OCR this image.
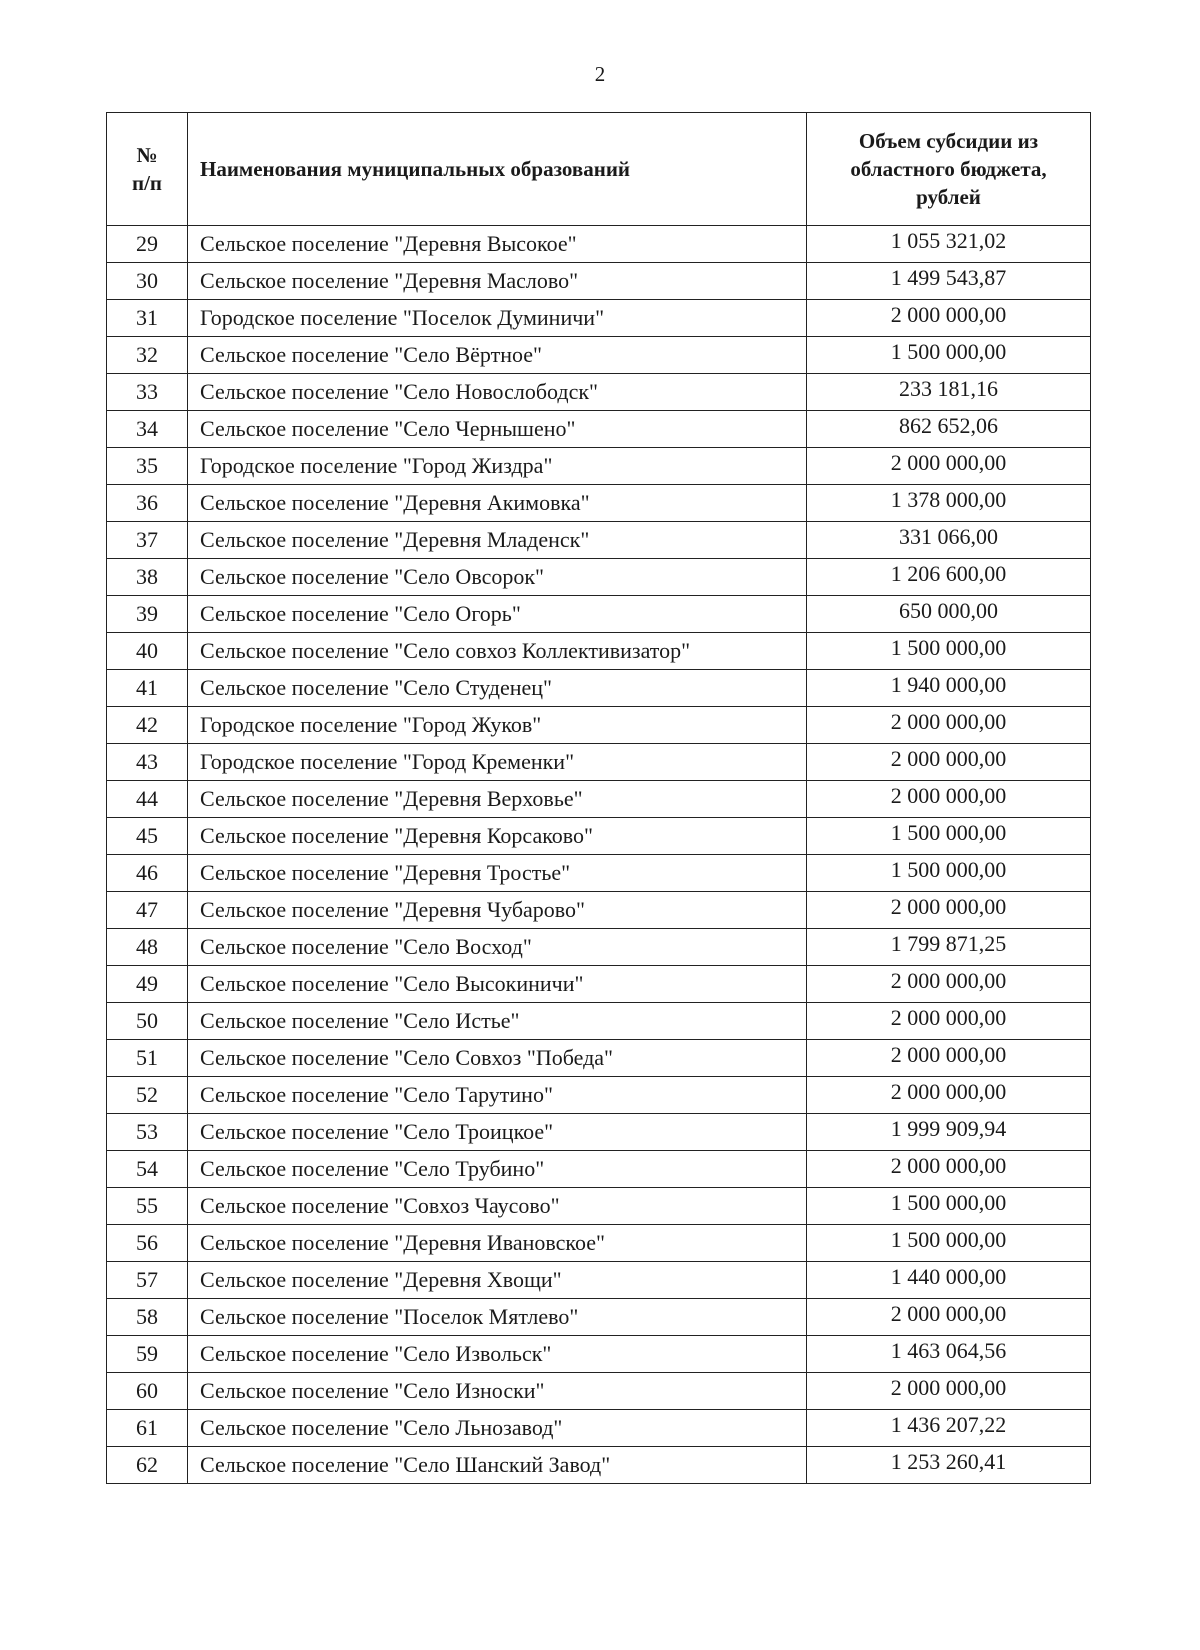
2
№
п/п	Наименования муниципальных образований	Объем субсидии из
областного бюджета,
рублей
29	Сельское поселение "Деревня Высокое"	1 055 321,02
30	Сельское поселение "Деревня Маслово"	1 499 543,87
31	Городское поселение "Поселок Думиничи"	2 000 000,00
32	Сельское поселение "Село Вёртное"	1 500 000,00
33	Сельское поселение "Село Новослободск"	233 181,16
34	Сельское поселение "Село Чернышено"	862 652,06
35	Городское поселение "Город Жиздра"	2 000 000,00
36	Сельское поселение "Деревня Акимовка"	1 378 000,00
37	Сельское поселение "Деревня Младенск"	331 066,00
38	Сельское поселение "Село Овсорок"	1 206 600,00
39	Сельское поселение "Село Огорь"	650 000,00
40	Сельское поселение "Село совхоз Коллективизатор"	1 500 000,00
41	Сельское поселение "Село Студенец"	1 940 000,00
42	Городское поселение "Город Жуков"	2 000 000,00
43	Городское поселение "Город Кременки"	2 000 000,00
44	Сельское поселение "Деревня Верховье"	2 000 000,00
45	Сельское поселение "Деревня Корсаково"	1 500 000,00
46	Сельское поселение "Деревня Тростье"	1 500 000,00
47	Сельское поселение "Деревня Чубарово"	2 000 000,00
48	Сельское поселение "Село Восход"	1 799 871,25
49	Сельское поселение "Село Высокиничи"	2 000 000,00
50	Сельское поселение "Село Истье"	2 000 000,00
51	Сельское поселение "Село Совхоз "Победа"	2 000 000,00
52	Сельское поселение "Село Тарутино"	2 000 000,00
53	Сельское поселение "Село Троицкое"	1 999 909,94
54	Сельское поселение "Село Трубино"	2 000 000,00
55	Сельское поселение "Совхоз Чаусово"	1 500 000,00
56	Сельское поселение "Деревня Ивановское"	1 500 000,00
57	Сельское поселение "Деревня Хвощи"	1 440 000,00
58	Сельское поселение "Поселок Мятлево"	2 000 000,00
59	Сельское поселение "Село Извольск"	1 463 064,56
60	Сельское поселение "Село Износки"	2 000 000,00
61	Сельское поселение "Село Льнозавод"	1 436 207,22
62	Сельское поселение "Село Шанский Завод"	1 253 260,41
